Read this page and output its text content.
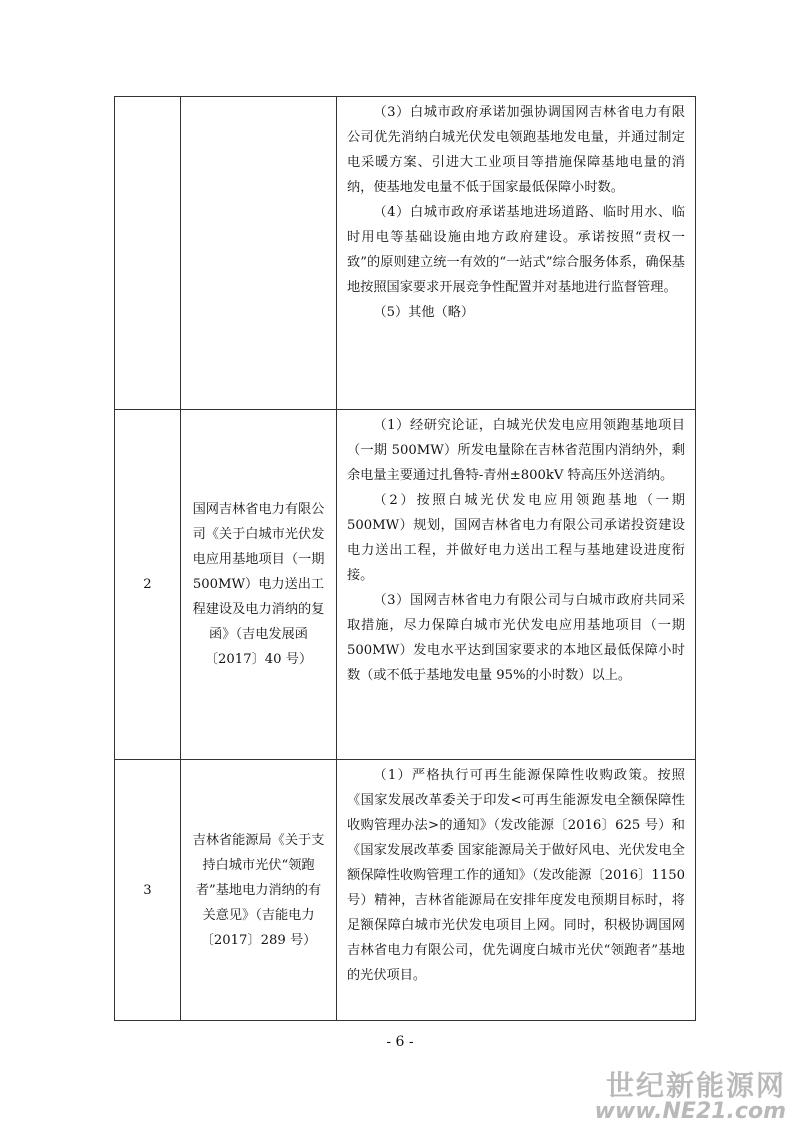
		（3）白城市政府承诺加强协调国网吉林省电力有限公司优先消纳白城光伏发电领跑基地发电量，并通过制定电采暖方案、引进大工业项目等措施保障基地电量的消纳，使基地发电量不低于国家最低保障小时数。

（4）白城市政府承诺基地进场道路、临时用水、临时用电等基础设施由地方政府建设。承诺按照“责权一致”的原则建立统一有效的“一站式”综合服务体系，确保基地按照国家要求开展竞争性配置并对基地进行监督管理。

（5）其他（略）

2	国网吉林省电力有限公司《关于白城市光伏发电应用基地项目（一期 500MW）电力送出工程建设及电力消纳的复函》（吉电发展函〔2017〕40 号）	（1）经研究论证，白城光伏发电应用领跑基地项目（一期 500MW）所发电量除在吉林省范围内消纳外，剩余电量主要通过扎鲁特-青州±800kV 特高压外送消纳。

（2）按照白城光伏发电应用领跑基地（一期 500MW）规划，国网吉林省电力有限公司承诺投资建设电力送出工程，并做好电力送出工程与基地建设进度衔接。

（3）国网吉林省电力有限公司与白城市政府共同采取措施，尽力保障白城市光伏发电应用基地项目（一期 500MW）发电水平达到国家要求的本地区最低保障小时数（或不低于基地发电量 95%的小时数）以上。

3	吉林省能源局《关于支持白城市光伏“领跑者”基地电力消纳的有关意见》（吉能电力〔2017〕289 号）	（1）严格执行可再生能源保障性收购政策。按照《国家发展改革委关于印发<可再生能源发电全额保障性收购管理办法>的通知》（发改能源〔2016〕625 号）和《国家发展改革委 国家能源局关于做好风电、光伏发电全额保障性收购管理工作的通知》（发改能源〔2016〕1150 号）精神，吉林省能源局在安排年度发电预期目标时，将足额保障白城市光伏发电项目上网。同时，积极协调国网吉林省电力有限公司，优先调度白城市光伏“领跑者”基地的光伏项目。

- 6 -
世纪新能源网
www.NE21.com
